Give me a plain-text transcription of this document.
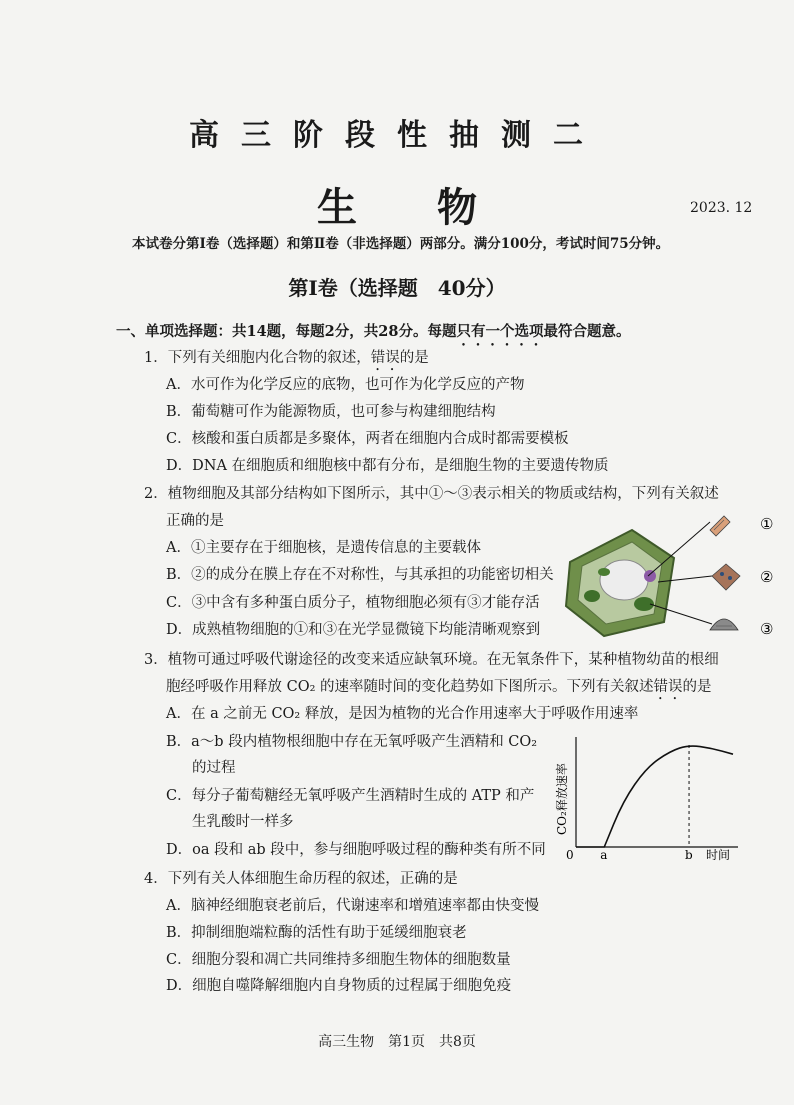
高三阶段性抽测二
生物	2023. 12
本试卷分第Ⅰ卷（选择题）和第Ⅱ卷（非选择题）两部分。满分100分，考试时间75分钟。
第Ⅰ卷（选择题　40分）
一、单项选择题：共14题，每题2分，共28分。每题只有一个选项最符合题意。
1．下列有关细胞内化合物的叙述，错误的是
A．水可作为化学反应的底物，也可作为化学反应的产物
B．葡萄糖可作为能源物质，也可参与构建细胞结构
C．核酸和蛋白质都是多聚体，两者在细胞内合成时都需要模板
D．DNA 在细胞质和细胞核中都有分布，是细胞生物的主要遗传物质
2．植物细胞及其部分结构如下图所示，其中①～③表示相关的物质或结构，下列有关叙述
正确的是
A．①主要存在于细胞核，是遗传信息的主要载体
B．②的成分在膜上存在不对称性，与其承担的功能密切相关
C．③中含有多种蛋白质分子，植物细胞必须有③才能存活
D．成熟植物细胞的①和③在光学显微镜下均能清晰观察到
①
②
③
3．植物可通过呼吸代谢途径的改变来适应缺氧环境。在无氧条件下，某种植物幼苗的根细
胞经呼吸作用释放 CO₂ 的速率随时间的变化趋势如下图所示。下列有关叙述错误的是
A．在 a 之前无 CO₂ 释放，是因为植物的光合作用速率大于呼吸作用速率
B．a～b 段内植物根细胞中存在无氧呼吸产生酒精和 CO₂
的过程
C．每分子葡萄糖经无氧呼吸产生酒精时生成的 ATP 和产
生乳酸时一样多
D．oa 段和 ab 段中，参与细胞呼吸过程的酶种类有所不同 0	时间
CO₂释放速率
a	b
4．下列有关人体细胞生命历程的叙述，正确的是
A．脑神经细胞衰老前后，代谢速率和增殖速率都由快变慢
B．抑制细胞端粒酶的活性有助于延缓细胞衰老
C．细胞分裂和凋亡共同维持多细胞生物体的细胞数量
D．细胞自噬降解细胞内自身物质的过程属于细胞免疫
高三生物　第1页　共8页
